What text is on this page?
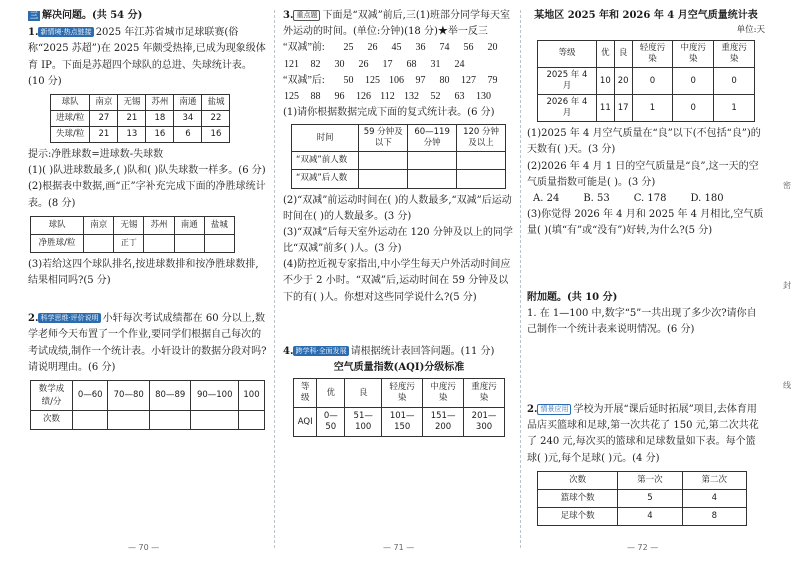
三 解决问题。(共 54 分)

1. 新情境·热点链接 2025 年江苏省城市足球联赛(俗称“2025 苏超”)在 2025 年颇受热捧,已成为现象级体育 IP。下面是苏超四个球队的总进、失球统计表。(10 分)

球队	南京	无锡	苏州	南通	盐城
进球/粒	27	21	18	34	22
失球/粒	21	13	16	6	16

提示:净胜球数=进球数-失球数

(1)( )队进球数最多,( )队和( )队失球数一样多。(6 分)

(2)根据表中数据,画“正”字补充完成下面的净胜球统计表。(8 分)

球队	南京	无锡	苏州	南通	盐城
净胜球/粒		正丁			

(3)若给这四个球队排名,按进球数排和按净胜球数排,结果相同吗?(5 分)

2. 科学思维·评价说明 小轩每次考试成绩都在 60 分以上,数学老师今天布置了一个作业,要同学们根据自己每次的考试成绩,制作一个统计表。小轩设计的数据分段对吗?请说明理由。(6 分)

数学成绩/分	0—60	70—80	80—89	90—100	100
次数					
— 70 —

3. 重点题 下面是“双减”前后,三(1)班部分同学每天室外运动的时间。(单位:分钟)(18 分)★举一反三

“双减”前:	25	26	45	36	74	56	20
121	82	30	26	17	68	31	24
“双减”后:	50	125 106	97	80	127	79
125	88	96	126 112 132	52	63	130

(1)请你根据数据完成下面的复式统计表。(6 分)

时间	59 分钟及以下	60—119 分钟	120 分钟及以上
“双减”前人数			
“双减”后人数			

(2)“双减”前运动时间在( )的人数最多,“双减”后运动时间在( )的人数最多。(3 分)

(3)“双减”后每天室外运动在 120 分钟及以上的同学比“双减”前多( )人。(3 分)

(4)防控近视专家指出,中小学生每天户外活动时间应不少于 2 小时。“双减”后,运动时间在 59 分钟及以下的有( )人。你想对这些同学说什么?(5 分)

4. 跨学科·全面发展 请根据统计表回答问题。(11 分)

空气质量指数(AQI)分级标准

等级	优	良	轻度污染	中度污染	重度污染
AQI	0—50	51—100	101—150	151—200	201—300
— 71 —

某地区 2025 年和 2026 年 4 月空气质量统计表

单位:天

等级	优	良	轻度污染	中度污染	重度污染
2025 年 4 月	10	20	0	0	0
2026 年 4 月	11	17	1	0	1

(1)2025 年 4 月空气质量在“良”以下(不包括“良”)的天数有( )天。(3 分)

(2)2026 年 4 月 1 日的空气质量是“良”,这一天的空气质量指数可能是( )。(3 分)

A. 24 B. 53 C. 178 D. 180

(3)你觉得 2026 年 4 月和 2025 年 4 月相比,空气质量( )(填“有”或“没有”)好转,为什么?(5 分)

附加题。(共 10 分)

1. 在 1—100 中,数字“5”一共出现了多少次?请你自己制作一个统计表来说明情况。(6 分)

2. 情景应用 学校为开展“课后延时拓展”项目,去体育用品店买篮球和足球,第一次共花了 150 元,第二次共花了 240 元,每次买的篮球和足球数量如下表。每个篮球( )元,每个足球( )元。(4 分)

次数	第一次	第二次
篮球个数	5	4
足球个数	4	8
— 72 —
密
封
线
